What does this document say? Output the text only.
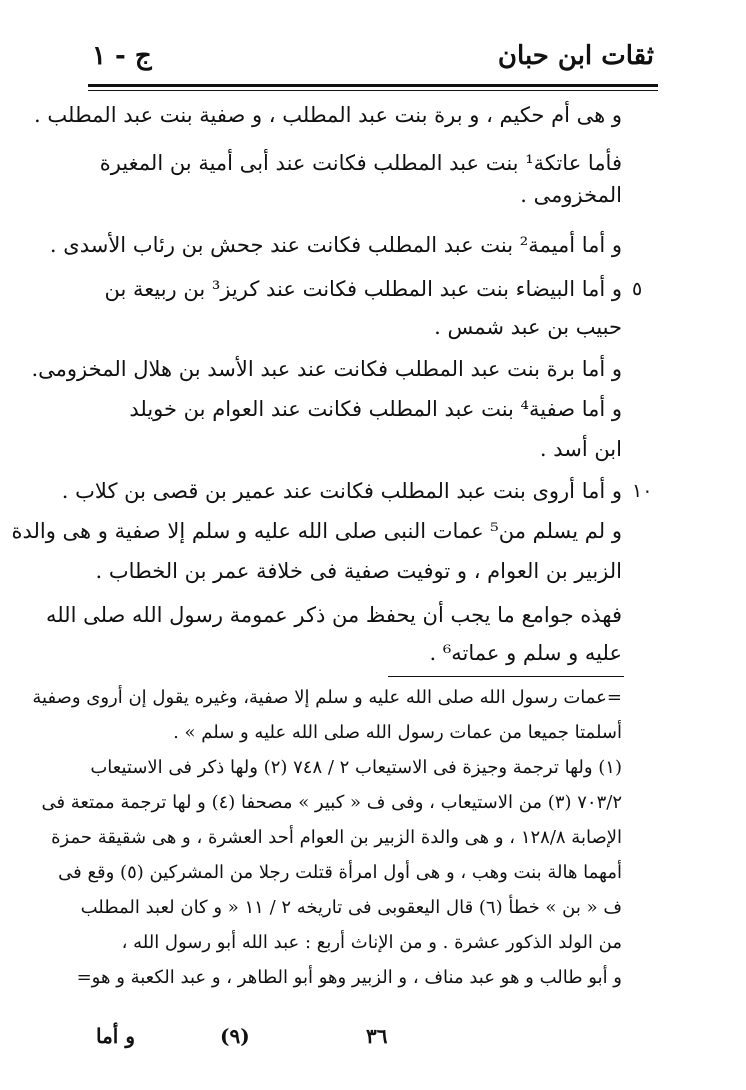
ثقات ابن حبان
ج - ١
و هى أم حكيم ، و برة بنت عبد المطلب ، و صفية بنت عبد المطلب .
فأما عاتكة¹ بنت عبد المطلب فكانت عند أبى أمية بن المغيرة
المخزومى .
و أما أميمة² بنت عبد المطلب فكانت عند جحش بن رئاب الأسدى .
و أما البيضاء بنت عبد المطلب فكانت عند كريز³ بن ربيعة بن ٥
حبيب بن عبد شمس .
و أما برة بنت عبد المطلب فكانت عند عبد الأسد بن هلال المخزومى.
و أما صفية⁴ بنت عبد المطلب فكانت عند العوام بن خويلد
ابن أسد .
و أما أروى بنت عبد المطلب فكانت عند عمير بن قصى بن كلاب . ١٠
و لم يسلم من⁵ عمات النبى صلى الله عليه و سلم إلا صفية و هى والدة
الزبير بن العوام ، و توفيت صفية فى خلافة عمر بن الخطاب .
فهذه جوامع ما يجب أن يحفظ من ذكر عمومة رسول الله صلى الله
عليه و سلم و عماته⁶ .
=عمات رسول الله صلى الله عليه و سلم إلا صفية، وغيره يقول إن أروى وصفية
أسلمتا جميعا من عمات رسول الله صلى الله عليه و سلم » .
(١) ولها ترجمة وجيزة فى الاستيعاب ٢ / ٧٤٨ (٢) ولها ذكر فى الاستيعاب
٧٠٣/٢ (٣) من الاستيعاب ، وفى ف « كبير » مصحفا (٤) و لها ترجمة ممتعة فى
الإصابة ١٢٨/٨ ، و هى والدة الزبير بن العوام أحد العشرة ، و هى شقيقة حمزة
أمهما هالة بنت وهب ، و هى أول امرأة قتلت رجلا من المشركين (٥) وقع فى
ف « بن » خطأ (٦) قال اليعقوبى فى تاريخه ٢ / ١١ « و كان لعبد المطلب
من الولد الذكور عشرة . و من الإناث أربع : عبد الله أبو رسول الله ،
و أبو طالب و هو عبد مناف ، و الزبير وهو أبو الطاهر ، و عبد الكعبة و هو=
و أما	(٩)	٣٦
